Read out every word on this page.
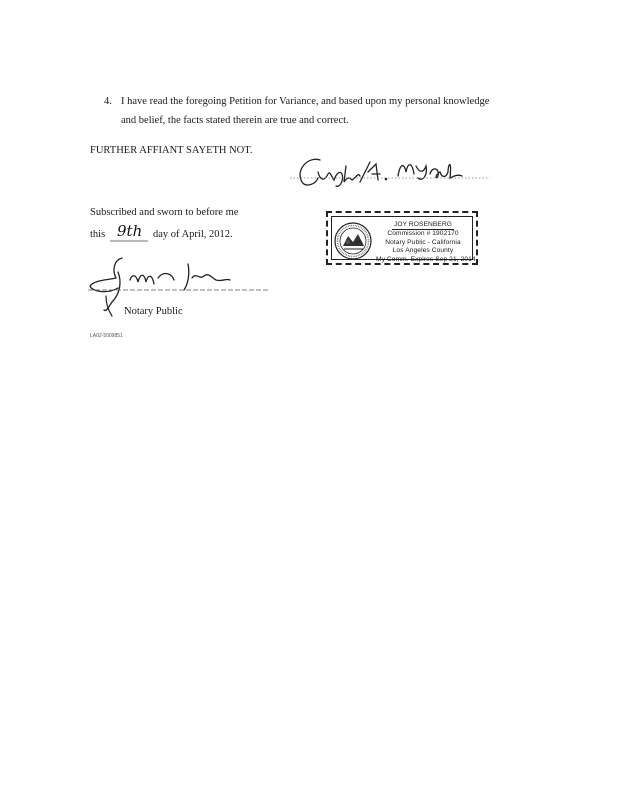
4. I have read the foregoing Petition for Variance, and based upon my personal knowledge
and belief, the facts stated therein are true and correct.
FURTHER AFFIANT SAYETH NOT.
Subscribed and sworn to before me
this 9th day of April, 2012.
Notary Public
LA02-5009851
JOY ROSENBERG
Commission # 1902170
Notary Public - California
Los Angeles County
My Comm. Expires Sep 21, 2014
